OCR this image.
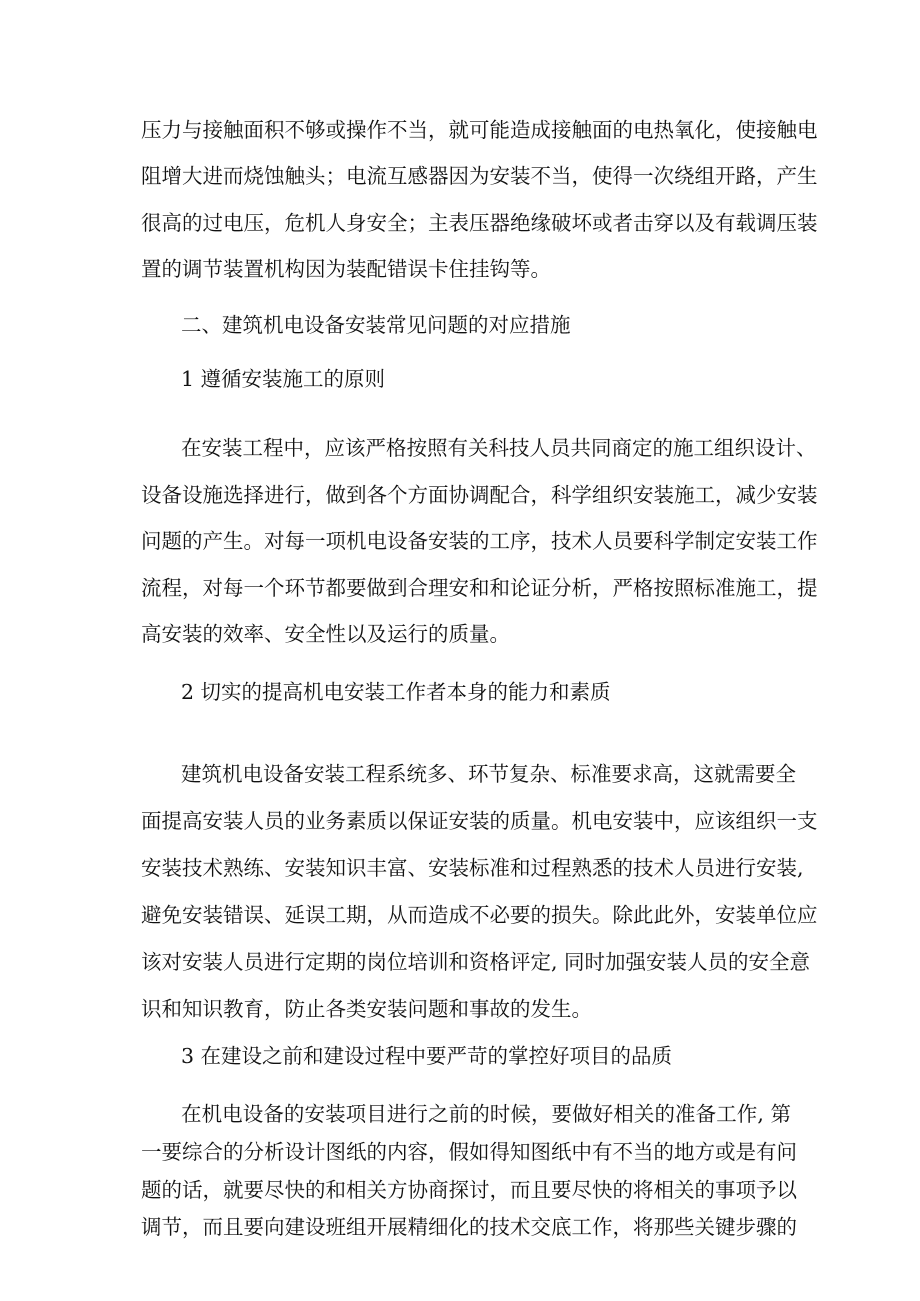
压力与接触面积不够或操作不当，就可能造成接触面的电热氧化，使接触电
阻增大进而烧蚀触头；电流互感器因为安装不当，使得一次绕组开路，产生
很高的过电压，危机人身安全；主表压器绝缘破坏或者击穿以及有载调压装
置的调节装置机构因为装配错误卡住挂钩等。
二、建筑机电设备安装常见问题的对应措施
1 遵循安装施工的原则
在安装工程中，应该严格按照有关科技人员共同商定的施工组织设计、
设备设施选择进行，做到各个方面协调配合，科学组织安装施工，减少安装
问题的产生。对每一项机电设备安装的工序，技术人员要科学制定安装工作
流程，对每一个环节都要做到合理安和和论证分析，严格按照标准施工，提
高安装的效率、安全性以及运行的质量。
2 切实的提高机电安装工作者本身的能力和素质
建筑机电设备安装工程系统多、环节复杂、标准要求高，这就需要全
面提高安装人员的业务素质以保证安装的质量。机电安装中，应该组织一支
安装技术熟练、安装知识丰富、安装标准和过程熟悉的技术人员进行安装,
避免安装错误、延误工期，从而造成不必要的损失。除此此外，安装单位应
该对安装人员进行定期的岗位培训和资格评定, 同时加强安装人员的安全意
识和知识教育，防止各类安装问题和事故的发生。
3 在建设之前和建设过程中要严苛的掌控好项目的品质
在机电设备的安装项目进行之前的时候，要做好相关的准备工作, 第
一要综合的分析设计图纸的内容，假如得知图纸中有不当的地方或是有问
题的话，就要尽快的和相关方协商探讨，而且要尽快的将相关的事项予以
调节，而且要向建设班组开展精细化的技术交底工作，将那些关键步骤的
